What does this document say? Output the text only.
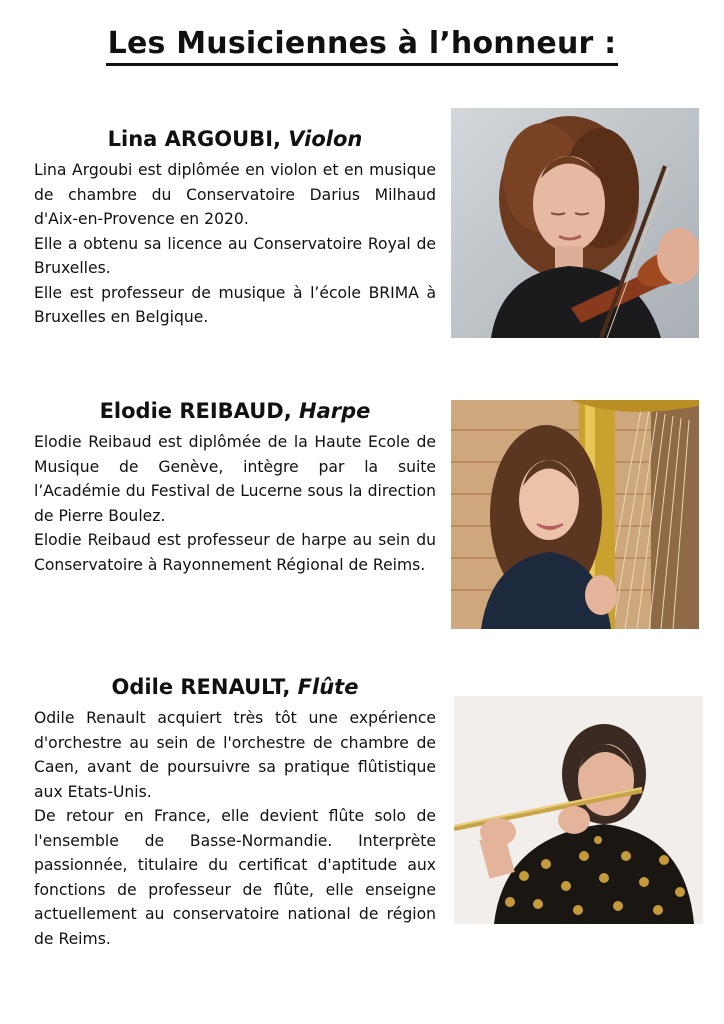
Les Musiciennes à l’honneur :
Lina ARGOUBI, Violon

Lina Argoubi est diplômée en violon et en musique de chambre du Conservatoire Darius Milhaud d'Aix-en-Provence en 2020.

Elle a obtenu sa licence au Conservatoire Royal de Bruxelles.

Elle est professeur de musique à l’école BRIMA à Bruxelles en Belgique.

Elodie REIBAUD, Harpe

Elodie Reibaud est diplômée de la Haute Ecole de Musique de Genève, intègre par la suite l’Académie du Festival de Lucerne sous la direction de Pierre Boulez.

Elodie Reibaud est professeur de harpe au sein du Conservatoire à Rayonnement Régional de Reims.

Odile RENAULT, Flûte

Odile Renault acquiert très tôt une expérience d'orchestre au sein de l'orchestre de chambre de Caen, avant de poursuivre sa pratique flûtistique aux Etats-Unis.

De retour en France, elle devient flûte solo de l'ensemble de Basse-Normandie. Interprète passionnée, titulaire du certificat d'aptitude aux fonctions de professeur de flûte, elle enseigne actuellement au conservatoire national de région de Reims.
